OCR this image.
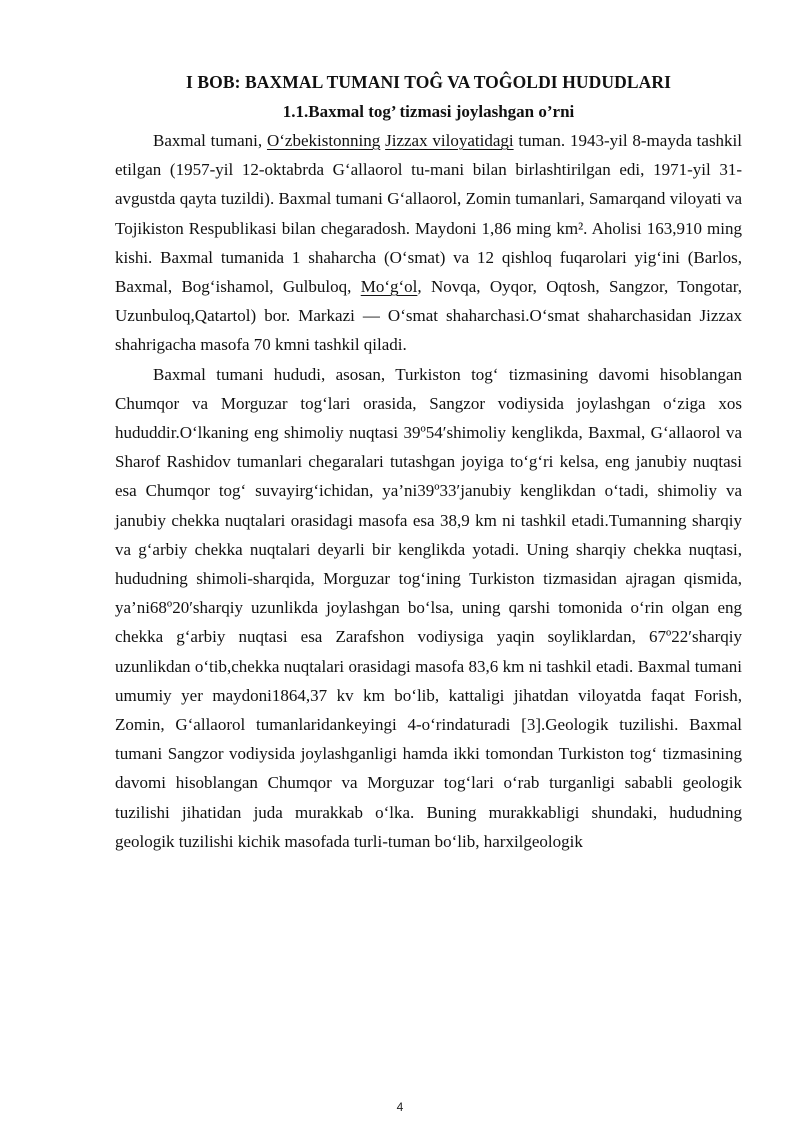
I BOB: BAXMAL TUMANI TOĜ VA TOĜOLDI HUDUDLARI
1.1.Baxmal tog’ tizmasi joylashgan o’rni

Baxmal tumani, O‘zbekistonning Jizzax viloyatidagi tuman. 1943-yil 8-mayda tashkil etilgan (1957-yil 12-oktabrda G‘allaorol tu-mani bilan birlashtirilgan edi, 1971-yil 31-avgustda qayta tuzildi). Baxmal tumani G‘allaorol, Zomin tumanlari, Samarqand viloyati va Tojikiston Respublikasi bilan chegaradosh. Maydoni 1,86 ming km². Aholisi 163,910 ming kishi. Baxmal tumanida 1 shaharcha (O‘smat) va 12 qishloq fuqarolari yig‘ini (Barlos, Baxmal, Bog‘ishamol, Gulbuloq, Mo‘g‘ol, Novqa, Oyqor, Oqtosh, Sangzor, Tongotar, Uzunbuloq,Qatartol) bor. Markazi — O‘smat shaharchasi.O‘smat shaharchasidan Jizzax shahrigacha masofa 70 kmni tashkil qiladi.

Baxmal tumani hududi, asosan, Turkiston tog‘ tizmasining davomi hisoblangan Chumqor va Morguzar tog‘lari orasida, Sangzor vodiysida joylashgan o‘ziga xos hududdir.O‘lkaning eng shimoliy nuqtasi 39º54′shimoliy kenglikda, Baxmal, G‘allaorol va Sharof Rashidov tumanlari chegaralari tutashgan joyiga to‘g‘ri kelsa, eng janubiy nuqtasi esa Chumqor tog‘ suvayirg‘ichidan, ya’ni39º33′janubiy kenglikdan o‘tadi, shimoliy va janubiy chekka nuqtalari orasidagi masofa esa 38,9 km ni tashkil etadi.Tumanning sharqiy va g‘arbiy chekka nuqtalari deyarli bir kenglikda yotadi. Uning sharqiy chekka nuqtasi, hududning shimoli-sharqida, Morguzar tog‘ining Turkiston tizmasidan ajragan qismida, ya’ni68º20′sharqiy uzunlikda joylashgan bo‘lsa, uning qarshi tomonida o‘rin olgan eng chekka g‘arbiy nuqtasi esa Zarafshon vodiysiga yaqin soyliklardan, 67º22′sharqiy uzunlikdan o‘tib,chekka nuqtalari orasidagi masofa 83,6 km ni tashkil etadi. Baxmal tumani umumiy yer maydoni1864,37 kv km bo‘lib, kattaligi jihatdan viloyatda faqat Forish, Zomin, G‘allaorol tumanlaridankeyingi 4-o‘rindaturadi [3].Geologik tuzilishi. Baxmal tumani Sangzor vodiysida joylashganligi hamda ikki tomondan Turkiston tog‘ tizmasining davomi hisoblangan Chumqor va Morguzar tog‘lari o‘rab turganligi sababli geologik tuzilishi jihatidan juda murakkab o‘lka. Buning murakkabligi shundaki, hududning geologik tuzilishi kichik masofada turli-tuman bo‘lib, harxilgeologik

4
